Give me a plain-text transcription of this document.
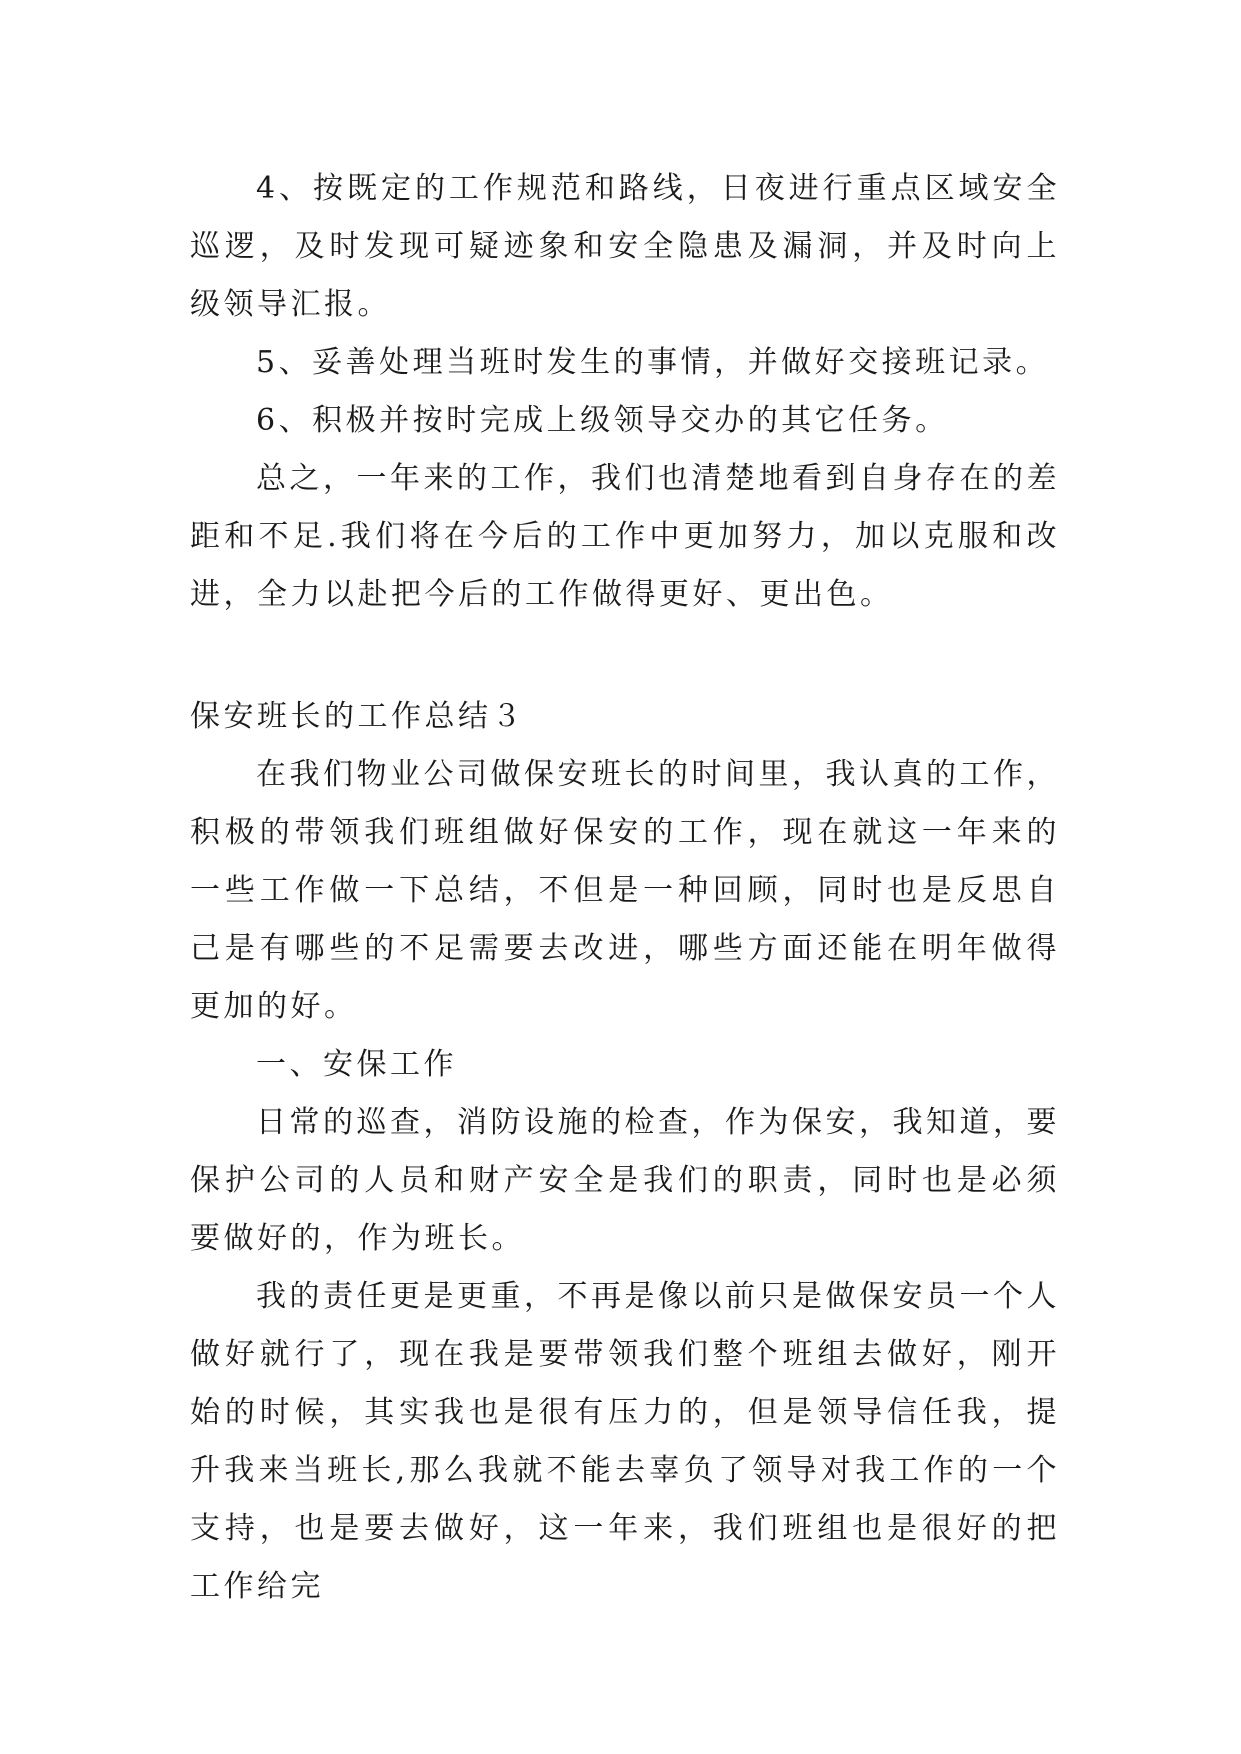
4、按既定的工作规范和路线，日夜进行重点区域安全巡逻，及时发现可疑迹象和安全隐患及漏洞，并及时向上级领导汇报。

5、妥善处理当班时发生的事情，并做好交接班记录。

6、积极并按时完成上级领导交办的其它任务。

总之，一年来的工作，我们也清楚地看到自身存在的差距和不足.我们将在今后的工作中更加努力，加以克服和改进，全力以赴把今后的工作做得更好、更出色。

保安班长的工作总结３

在我们物业公司做保安班长的时间里，我认真的工作，积极的带领我们班组做好保安的工作，现在就这一年来的一些工作做一下总结，不但是一种回顾，同时也是反思自己是有哪些的不足需要去改进，哪些方面还能在明年做得更加的好。

一、安保工作

日常的巡查，消防设施的检查，作为保安，我知道，要保护公司的人员和财产安全是我们的职责，同时也是必须要做好的，作为班长。

我的责任更是更重，不再是像以前只是做保安员一个人做好就行了，现在我是要带领我们整个班组去做好，刚开始的时候，其实我也是很有压力的，但是领导信任我，提升我来当班长,那么我就不能去辜负了领导对我工作的一个支持，也是要去做好，这一年来，我们班组也是很好的把工作给完
